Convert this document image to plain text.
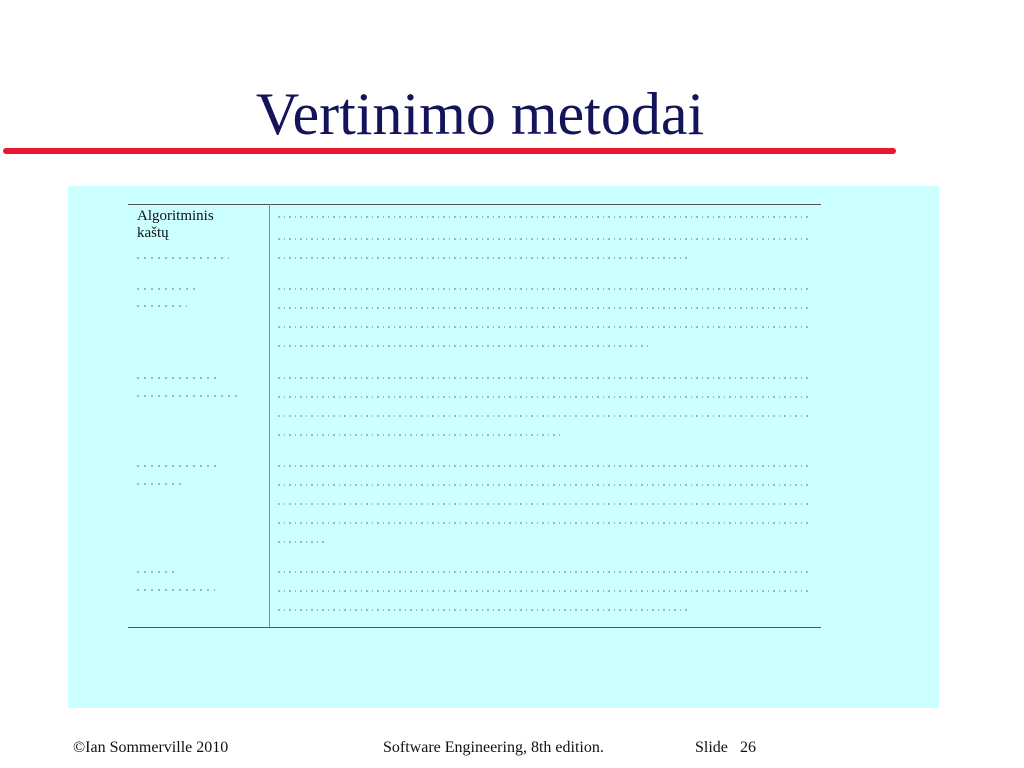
Vertinimo metodai
Algoritminis
kaštų
©Ian Sommerville 2010	Software Engineering, 8th edition.	Slide 26
